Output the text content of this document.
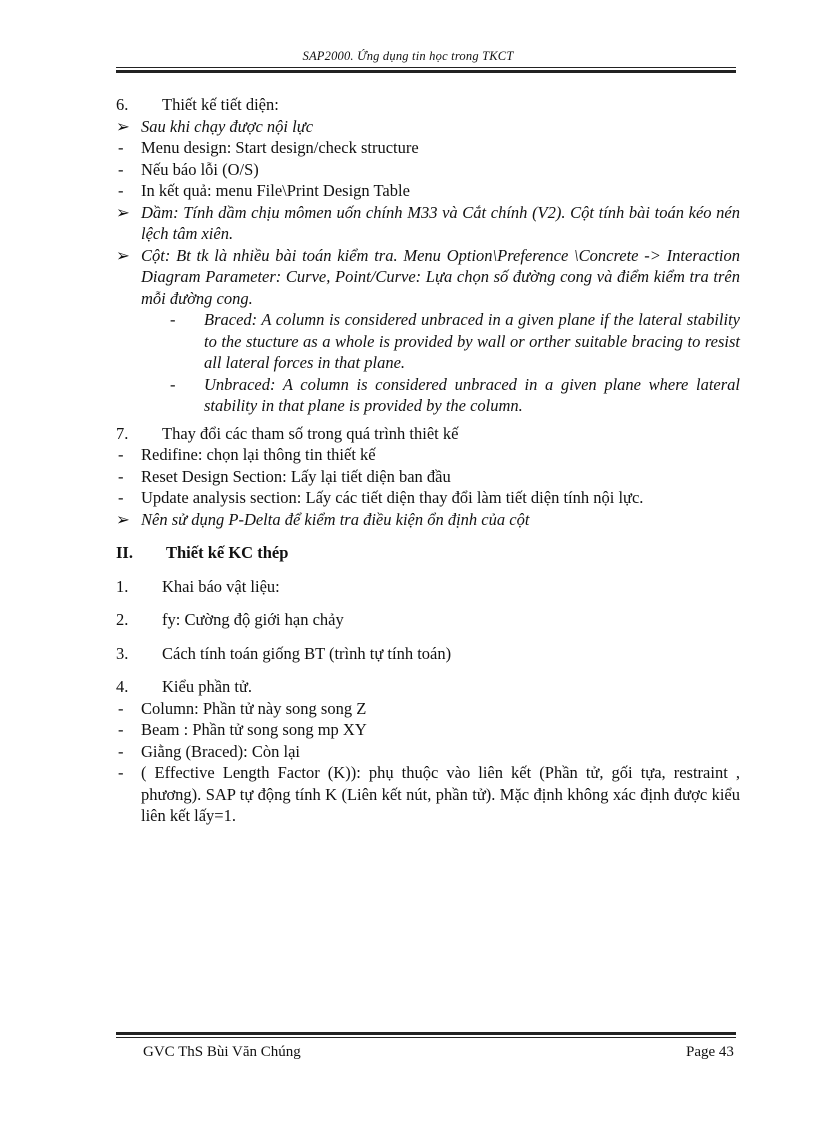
SAP2000. Ứng dụng tin học trong TKCT
6. Thiết kế tiết diện:
➢ Sau khi chạy được nội lực
- Menu design: Start design/check structure
- Nếu báo lỗi (O/S)
- In kết quả: menu File\Print Design Table
➢ Dầm: Tính dầm chịu mômen uốn chính M33 và Cắt chính (V2). Cột tính bài toán kéo nén lệch tâm xiên.
➢ Cột: Bt tk là nhiều bài toán kiểm tra. Menu Option\Preference \Concrete -> Interaction Diagram Parameter: Curve, Point/Curve: Lựa chọn số đường cong và điểm kiểm tra trên mỗi đường cong.
- Braced: A column is considered unbraced in a given plane if the lateral stability to the stucture as a whole is provided by wall or orther suitable bracing to resist all lateral forces in that plane.
- Unbraced: A column is considered unbraced in a given plane where lateral stability in that plane is provided by the column.
7. Thay đổi các tham số trong quá trình thiêt kế
- Redifine: chọn lại thông tin thiết kế
- Reset Design Section: Lấy lại tiết diện ban đầu
- Update analysis section: Lấy các tiết diện thay đổi làm tiết diện tính nội lực.
➢ Nên sử dụng P-Delta để kiểm tra điều kiện ổn định của cột
II. Thiết kế KC thép
1. Khai báo vật liệu:
2. fy: Cường độ giới hạn chảy
3. Cách tính toán giống BT (trình tự tính toán)
4. Kiểu phần tử.
- Column: Phần tử này song song Z
- Beam : Phần tử song song mp XY
- Giằng (Braced): Còn lại
- ( Effective Length Factor (K)): phụ thuộc vào liên kết (Phần tử, gối tựa, restraint , phương). SAP tự động tính K (Liên kết nút, phần tử). Mặc định không xác định được kiểu liên kết lấy=1.
GVC ThS Bùi Văn Chúng	Page 43
